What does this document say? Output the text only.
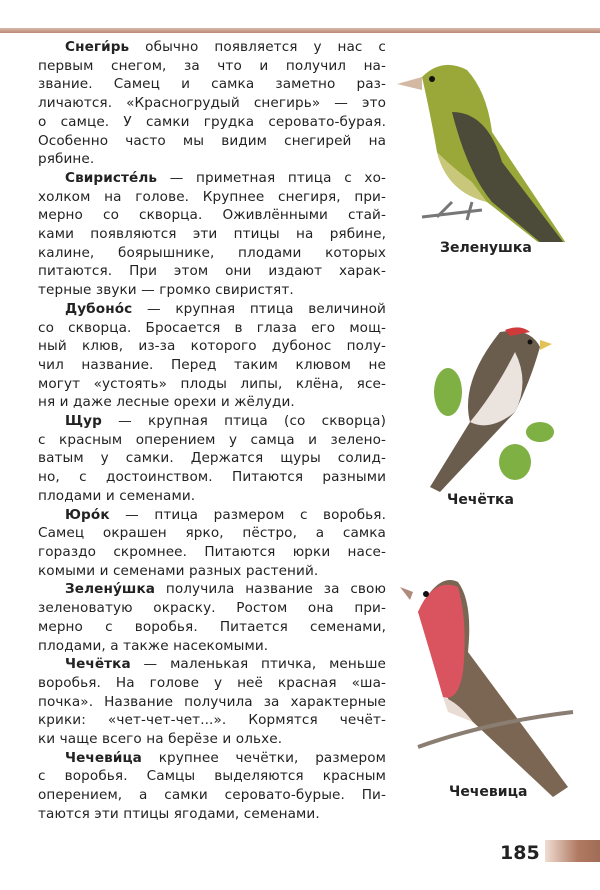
Снеги́рь обычно появляется у нас с
первым снегом, за что и получил на-
звание. Самец и самка заметно раз-
личаются. «Красногрудый снегирь» — это
о самце. У самки грудка серовато-бурая.
Особенно часто мы видим снегирей на
рябине.
Свиристе́ль — приметная птица с хо-
холком на голове. Крупнее снегиря, при-
мерно со скворца. Оживлёнными стай-
ками появляются эти птицы на рябине,
калине, боярышнике, плодами которых
питаются. При этом они издают харак-
терные звуки — громко свиристят.
Дубоно́с — крупная птица величиной
со скворца. Бросается в глаза его мощ-
ный клюв, из-за которого дубонос полу-
чил название. Перед таким клювом не
могут «устоять» плоды липы, клёна, ясе-
ня и даже лесные орехи и жёлуди.
Щур — крупная птица (со скворца)
с красным оперением у самца и зелено-
ватым у самки. Держатся щуры солид-
но, с достоинством. Питаются разными
плодами и семенами.
Юро́к — птица размером с воробья.
Самец окрашен ярко, пёстро, а самка
гораздо скромнее. Питаются юрки насе-
комыми и семенами разных растений.
Зелену́шка получила название за свою
зеленоватую окраску. Ростом она при-
мерно с воробья. Питается семенами,
плодами, а также насекомыми.
Чечётка — маленькая птичка, меньше
воробья. На голове у неё красная «ша-
почка». Название получила за характерные
крики: «чет-чет-чет...». Кормятся чечёт-
ки чаще всего на берёзе и ольхе.
Чечеви́ца крупнее чечётки, размером
с воробья. Самцы выделяются красным
оперением, а самки серовато-бурые. Пи-
таются эти птицы ягодами, семенами.
Зеленушка
Чечётка
Чечевица
185
